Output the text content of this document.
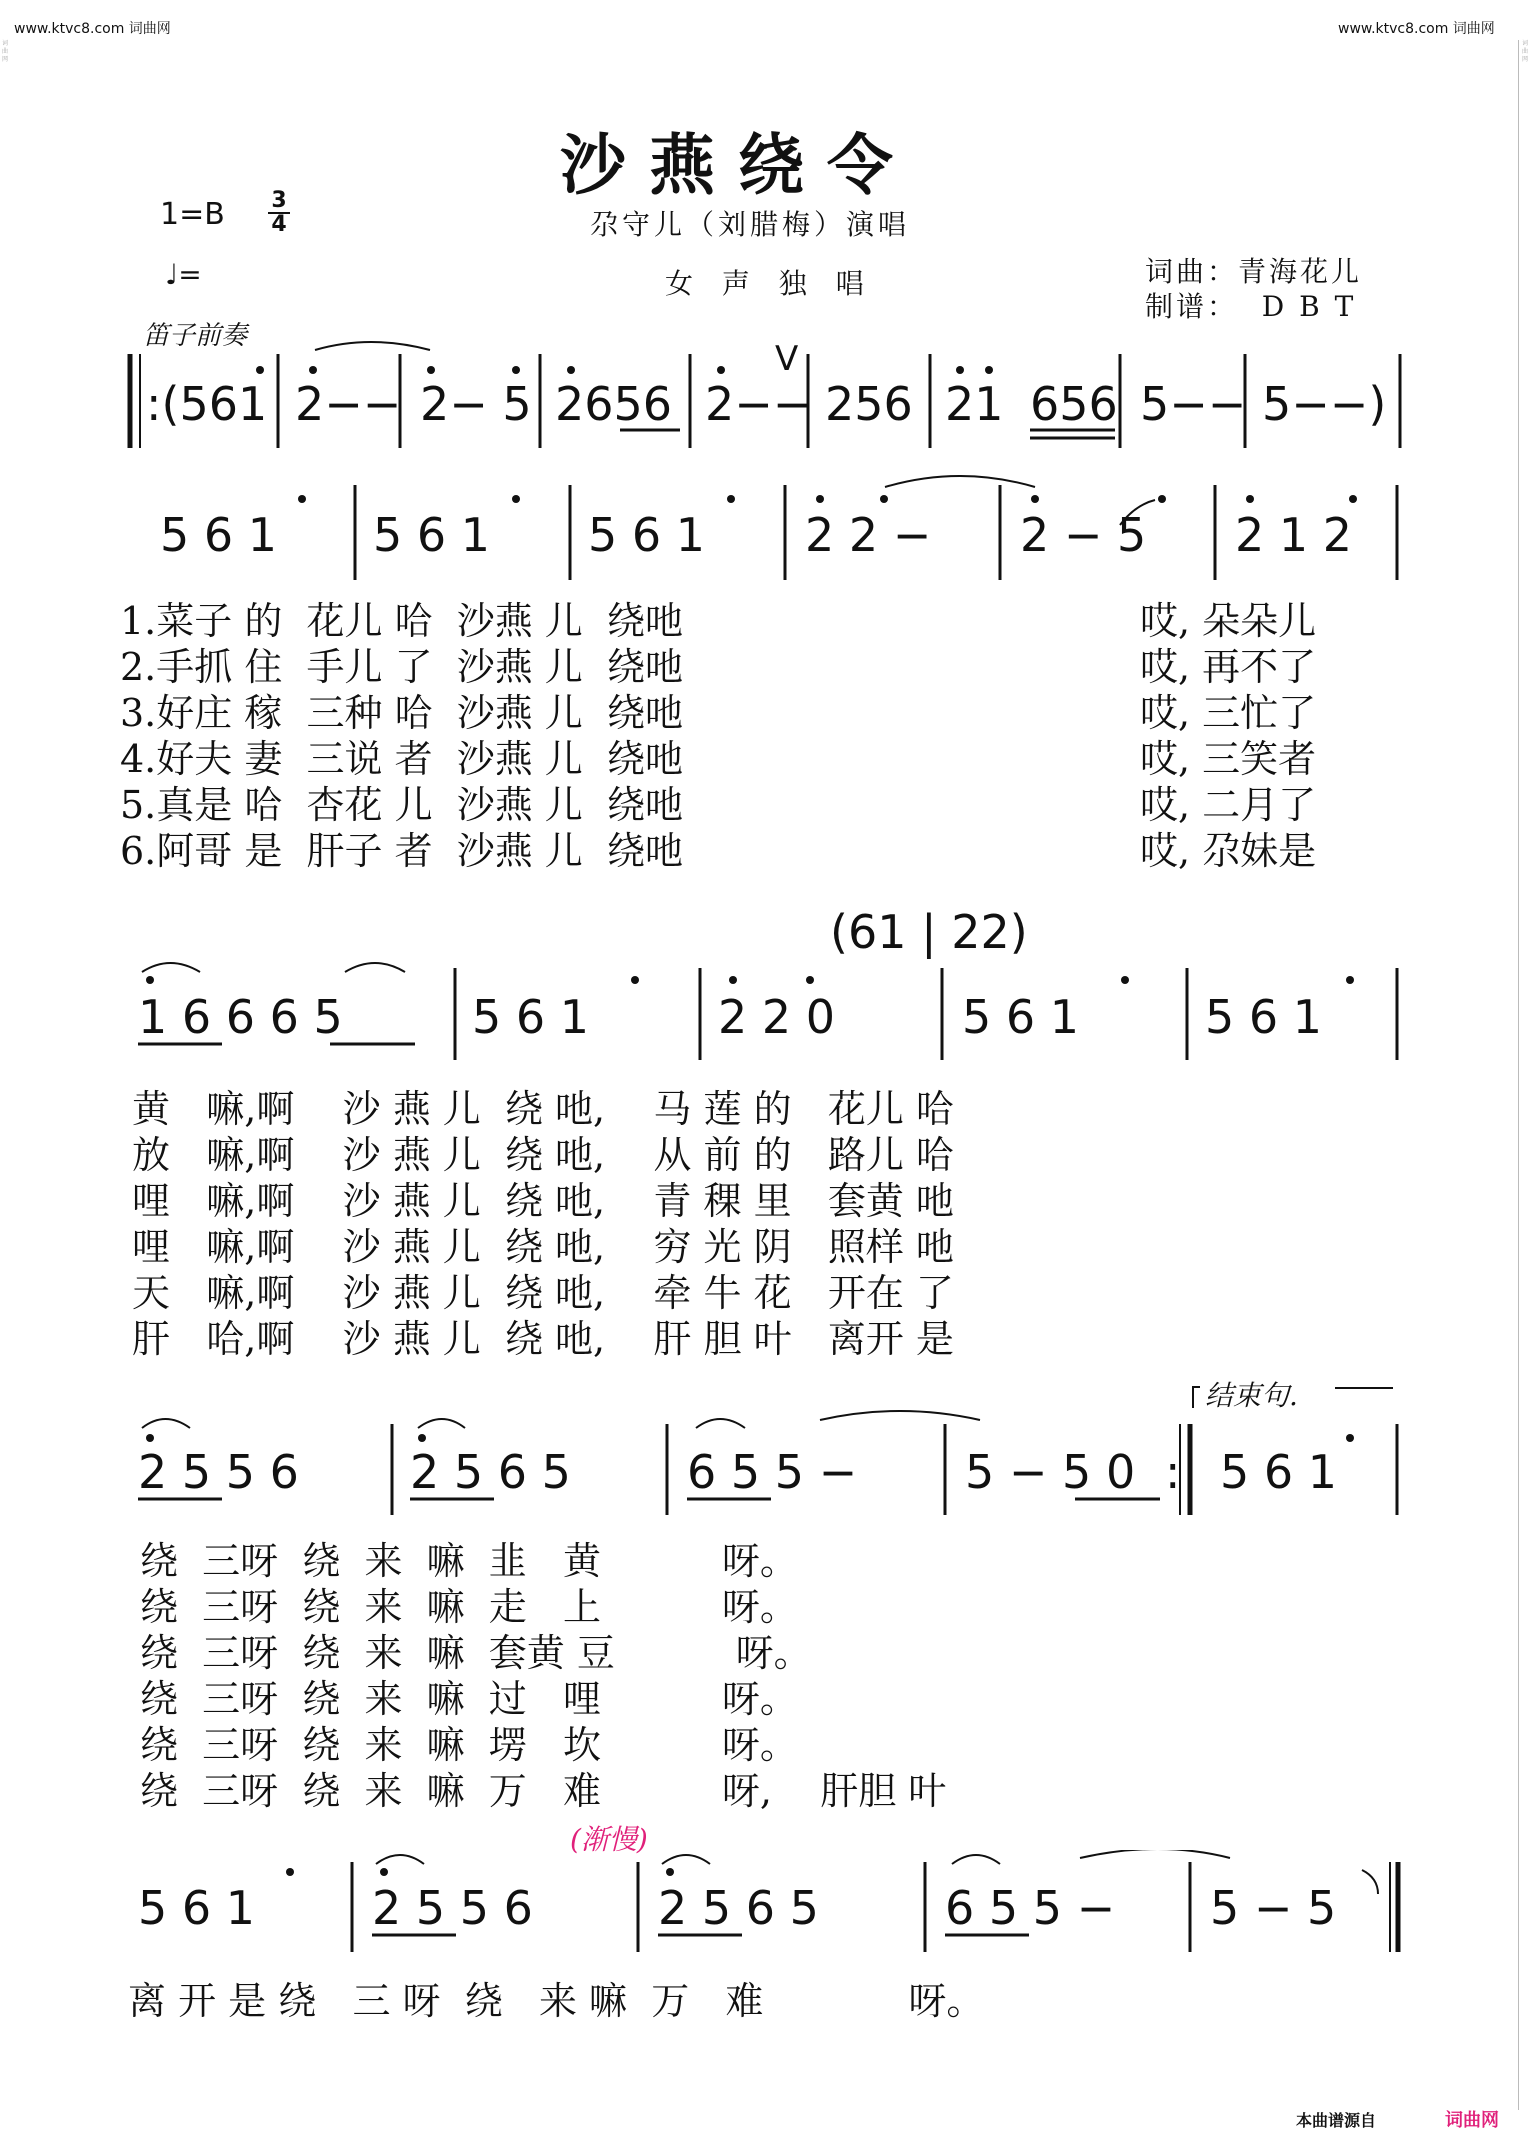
www.ktvc8.com 词曲网	www.ktvc8.com 词曲网
词曲网
词曲网
沙 燕 绕 令
1=B 3
4
♩=
尕守儿（刘腊梅）演唱
女 声 独 唱	词曲：青海花儿
制谱：  D B T
笛子前奏
:(561 2−− 2− 5 2656 2−− 256 21 656 5−− 5−−)
V
5 6 1 5 6 1 5 6 1 2 2 − 2 − 5 2 1 2
1.菜子 的  花儿 哈  沙燕 儿  绕吔
2.手抓 住  手儿 了  沙燕 儿  绕吔
3.好庄 稼  三种 哈  沙燕 儿  绕吔
4.好夫 妻  三说 者  沙燕 儿  绕吔
5.真是 哈  杏花 儿  沙燕 儿  绕吔
6.阿哥 是  肝子 者  沙燕 儿  绕吔
哎, 朵朵儿
哎, 再不了
哎, 三忙了
哎, 三笑者
哎, 二月了
哎, 尕妹是
(61 | 22)
1 6 6 6 5	5 6 1	2 2 0	5 6 1	5 6 1
黄   嘛,啊    沙 燕 儿  绕 吔,    马 莲 的   花儿 哈
放   嘛,啊    沙 燕 儿  绕 吔,    从 前 的   路儿 哈
哩   嘛,啊    沙 燕 儿  绕 吔,    青 稞 里   套黄 吔
哩   嘛,啊    沙 燕 儿  绕 吔,    穷 光 阴   照样 吔
天   嘛,啊    沙 燕 儿  绕 吔,    牵 牛 花   开在 了
肝   哈,啊    沙 燕 儿  绕 吔,    肝 胆 叶   离开 是
结束句.
2 5 5 6 2 5 6 5	6 5 5 − 5 − 5 0 : 5 6 1
绕  三呀  绕  来  嘛  韭   黄          呀。
绕  三呀  绕  来  嘛  走   上          呀。
绕  三呀  绕  来  嘛  套黄 豆          呀。
绕  三呀  绕  来  嘛  过   哩          呀。
绕  三呀  绕  来  嘛  塄   坎          呀。
绕  三呀  绕  来  嘛  万   难          呀,    肝胆 叶
(渐慢)
5 6 1	2 5 5 6	2 5 6 5	6 5 5 − 5 − 5
离 开 是 绕   三 呀  绕   来 嘛  万   难            呀。
本曲谱源自	词曲网
